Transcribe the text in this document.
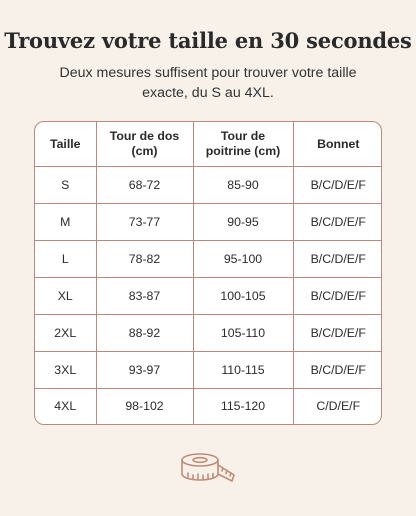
Trouvez votre taille en 30 secondes
Deux mesures suffisent pour trouver votre taille exacte, du S au 4XL.
Taille	Tour de dos (cm)	Tour de poitrine (cm)	Bonnet
S	68-72	85-90	B/C/D/E/F
M	73-77	90-95	B/C/D/E/F
L	78-82	95-100	B/C/D/E/F
XL	83-87	100-105	B/C/D/E/F
2XL	88-92	105-110	B/C/D/E/F
3XL	93-97	110-115	B/C/D/E/F
4XL	98-102	115-120	C/D/E/F
